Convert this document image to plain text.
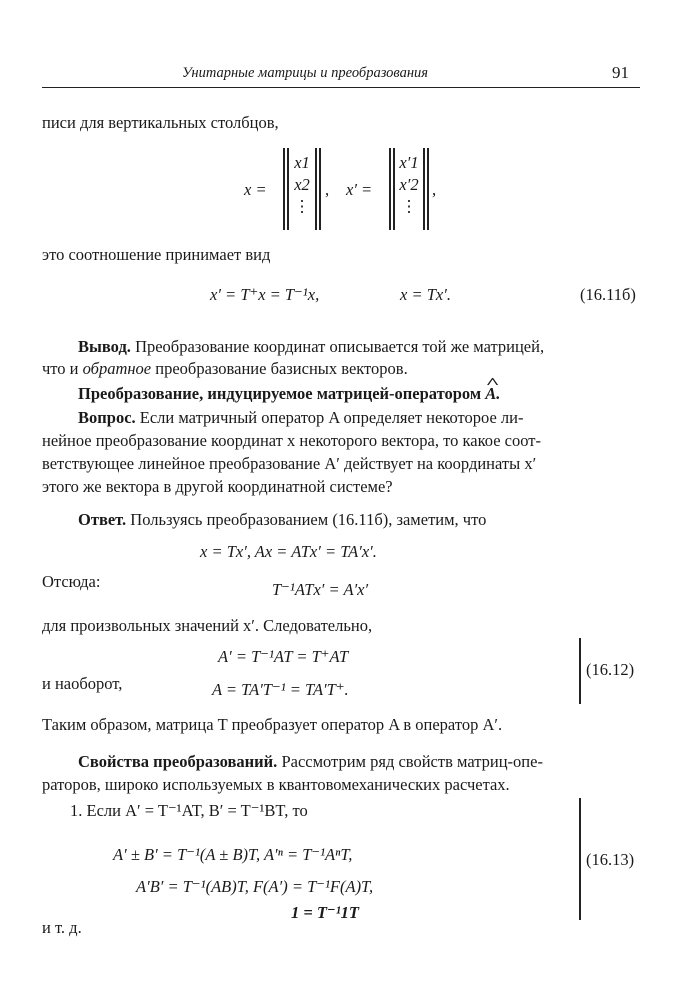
Унитарные матрицы и преобразования	91
писи для вертикальных столбцов,
x =
x1
x2
⋮
, x′ =
x′1
x′2
⋮
,
это соотношение принимает вид
x′ = T⁺x = T⁻¹x,	x = Tx′.	(16.11б)
Вывод. Преобразование координат описывается той же матрицей,
что и обратное преобразование базисных векторов.
Преобразование, индуцируемое матрицей-оператором ^ A.
Вопрос. Если матричный оператор A определяет некоторое ли-
нейное преобразование координат x некоторого вектора, то какое соот-
ветствующее линейное преобразование A′ действует на координаты x′
этого же вектора в другой координатной системе?
Ответ. Пользуясь преобразованием (16.11б), заметим, что
x = Tx′, Ax = ATx′ = TA′x′.
Отсюда:	T⁻¹ATx′ = A′x′
для произвольных значений x′. Следовательно,
A′ = T⁻¹AT = T⁺AT
и наоборот,	A = TA′T⁻¹ = TA′T⁺.
(16.12)
Таким образом, матрица T преобразует оператор A в оператор A′.
Свойства преобразований. Рассмотрим ряд свойств матриц-опе-
раторов, широко используемых в квантовомеханических расчетах.
1. Если A′ = T⁻¹AT, B′ = T⁻¹BT, то
A′ ± B′ = T⁻¹(A ± B)T, A′ⁿ = T⁻¹AⁿT,
A′B′ = T⁻¹(AB)T, F(A′) = T⁻¹F(A)T,
1 = T⁻¹1T
(16.13)
и т. д.
